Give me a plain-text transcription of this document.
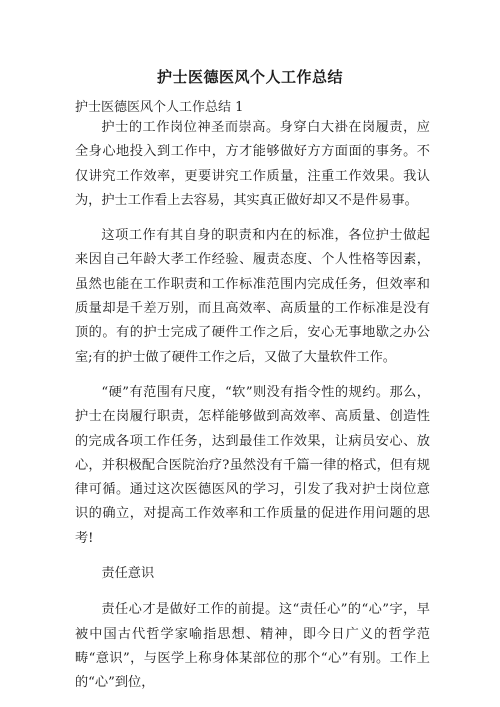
护士医德医风个人工作总结
护士医德医风个人工作总结 1

护士的工作岗位神圣而崇高。身穿白大褂在岗履责，应全身心地投入到工作中，方才能够做好方方面面的事务。不仅讲究工作效率，更要讲究工作质量，注重工作效果。我认为，护士工作看上去容易，其实真正做好却又不是件易事。

这项工作有其自身的职责和内在的标准，各位护士做起来因自己年龄大孝工作经验、履责态度、个人性格等因素，虽然也能在工作职责和工作标准范围内完成任务，但效率和质量却是千差万别，而且高效率、高质量的工作标准是没有顶的。有的护士完成了硬件工作之后，安心无事地歇之办公室;有的护士做了硬件工作之后，又做了大量软件工作。

“硬”有范围有尺度，“软”则没有指令性的规约。那么，护士在岗履行职责，怎样能够做到高效率、高质量、创造性的完成各项工作任务，达到最佳工作效果，让病员安心、放心，并积极配合医院治疗?虽然没有千篇一律的格式，但有规律可循。通过这次医德医风的学习，引发了我对护士岗位意识的确立，对提高工作效率和工作质量的促进作用问题的思考!

责任意识

责任心才是做好工作的前提。这“责任心”的“心”字，早被中国古代哲学家喻指思想、精神，即今日广义的哲学范畴“意识”，与医学上称身体某部位的那个“心”有别。工作上的“心”到位，
